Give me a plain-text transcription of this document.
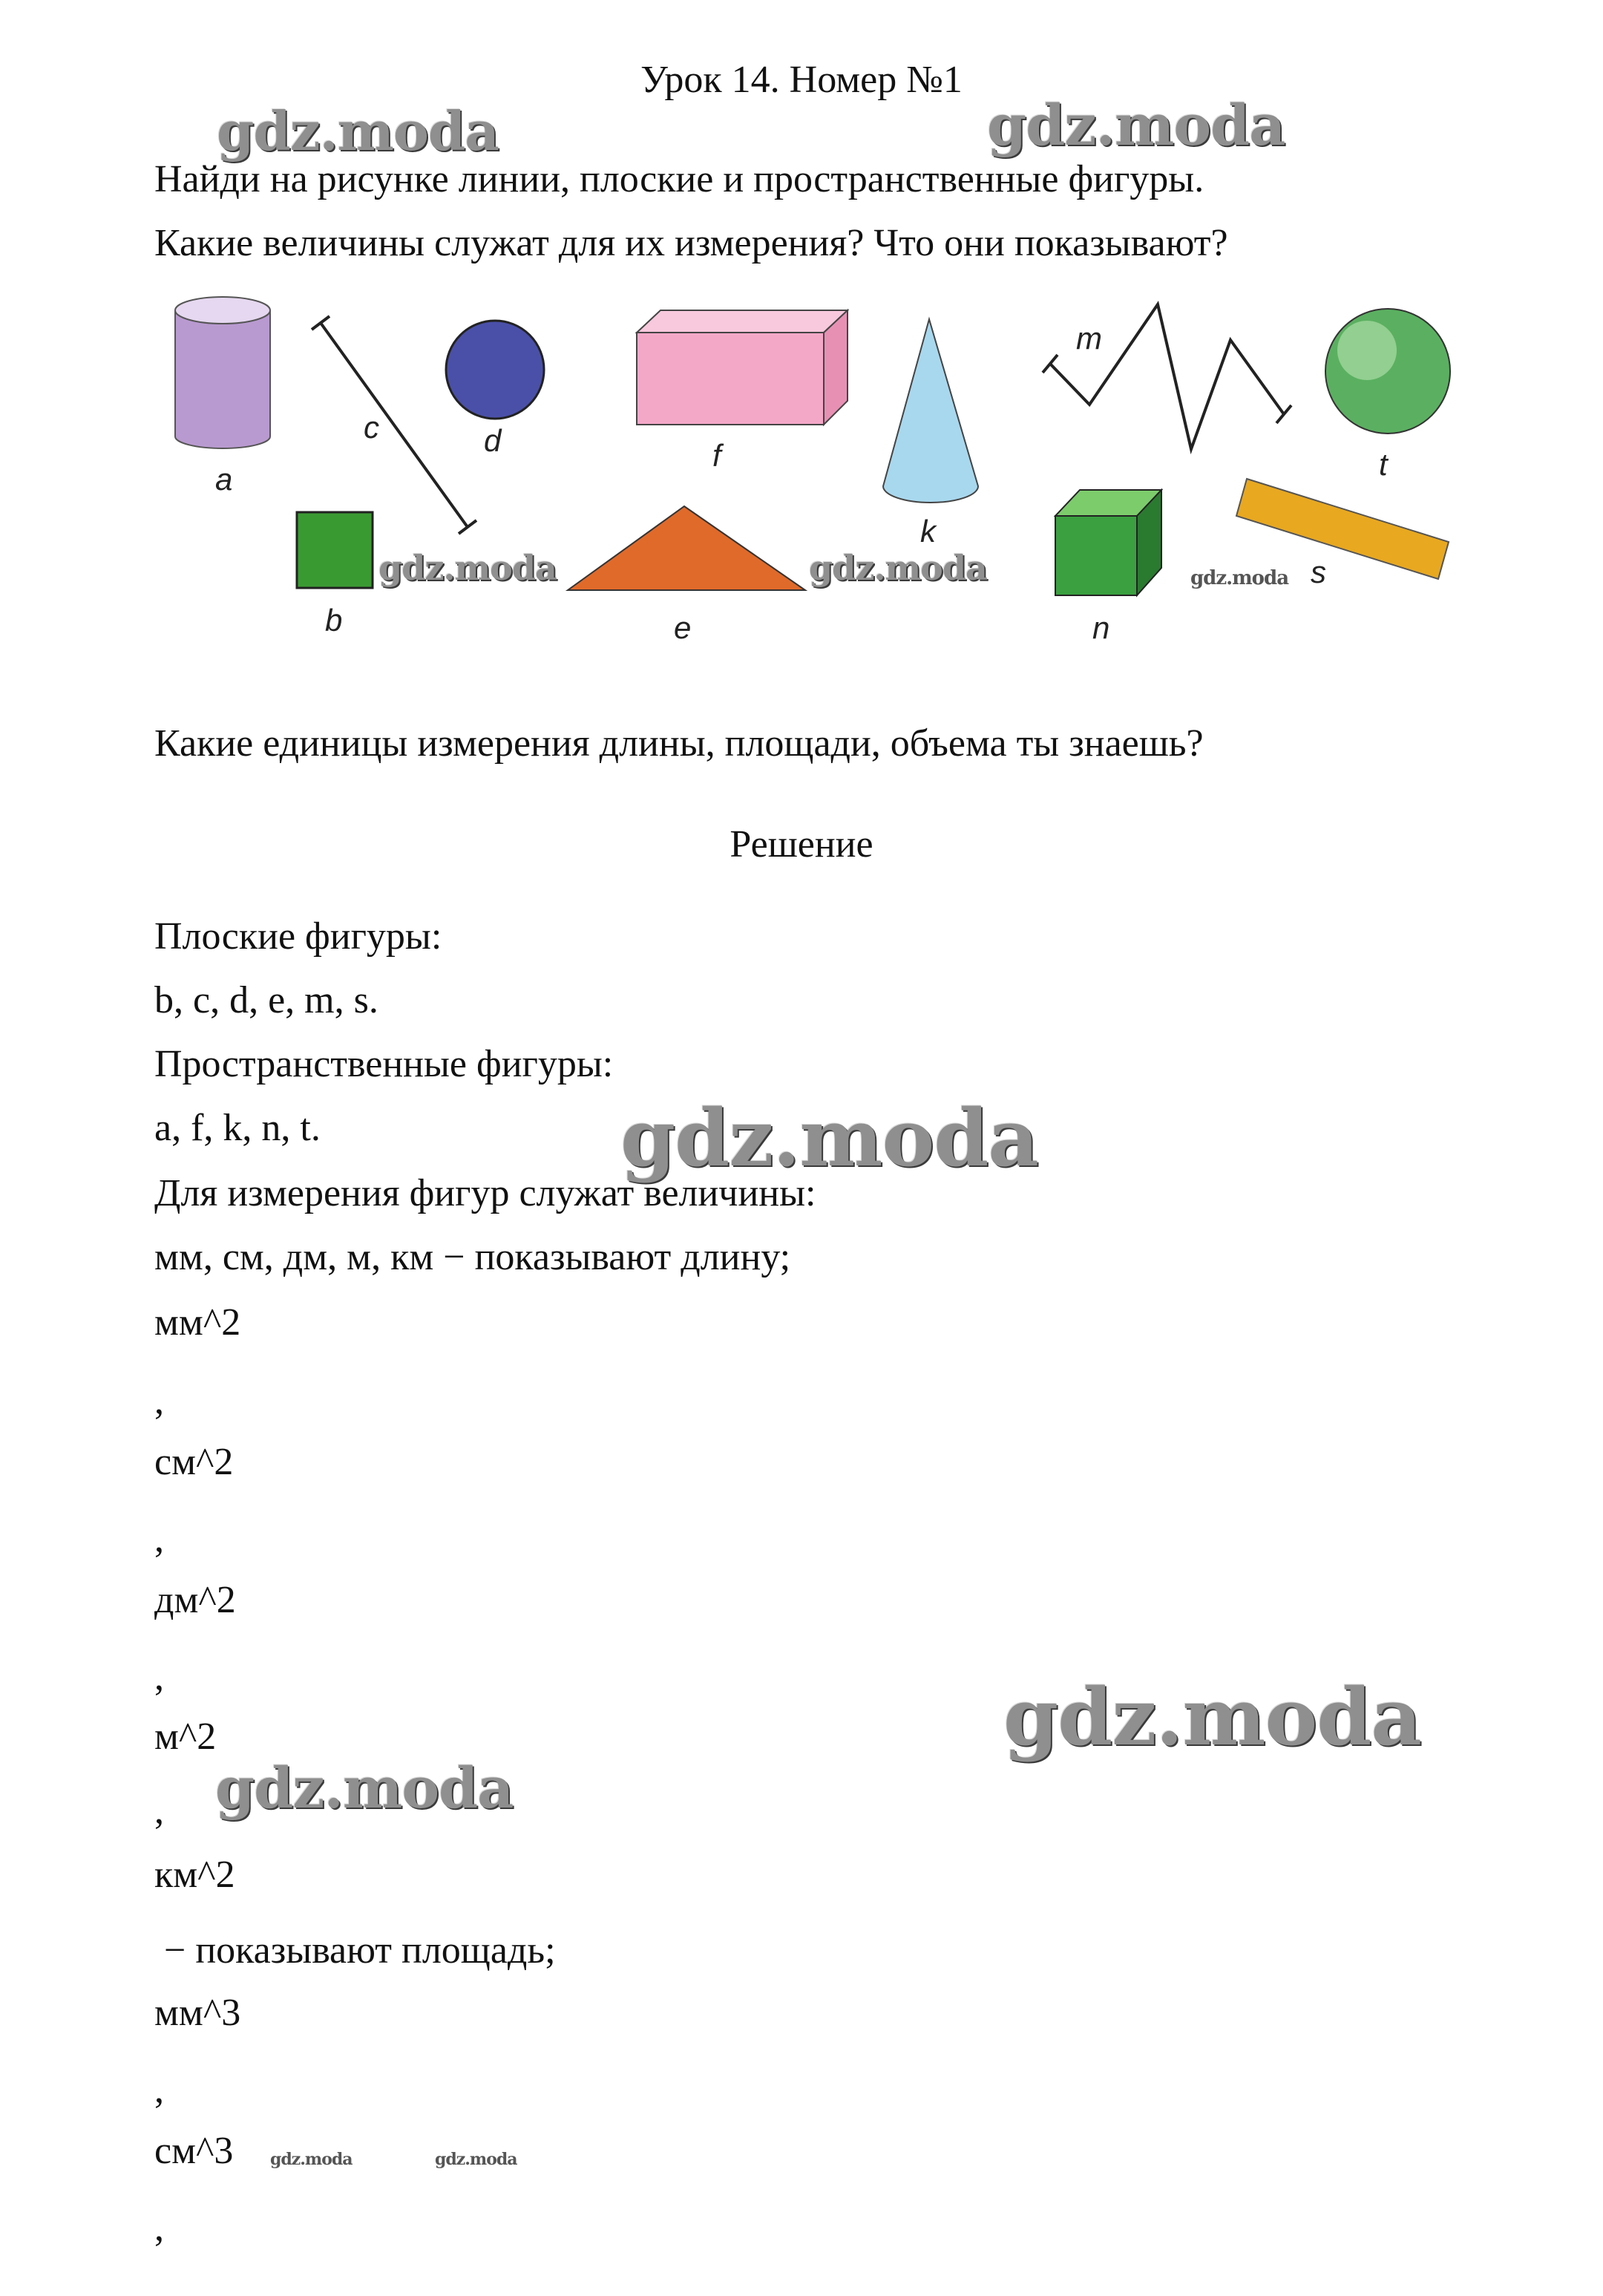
Урок 14. Номер №1
Найди на рисунке линии, плоские и пространственные фигуры.
Какие величины служат для их измерения? Что они показывают?
a
c	d	f
k
m
t
b	e	n
s
Какие единицы измерения длины, площади, объема ты знаешь?
Решение
Плоские фигуры:
b, c, d, e, m, s.
Пространственные фигуры:
a, f, k, n, t.
Для измерения фигур служат величины:
мм, см, дм, м, км − показывают длину;
мм^2
,
см^2
,
дм^2
,
м^2
,
км^2
− показывают площадь;
мм^3
,
см^3
,
gdz.moda	gdz.moda
gdz.moda	gdz.moda	gdz.moda
gdz.moda
gdz.moda
gdz.moda
gdz.moda	gdz.moda
